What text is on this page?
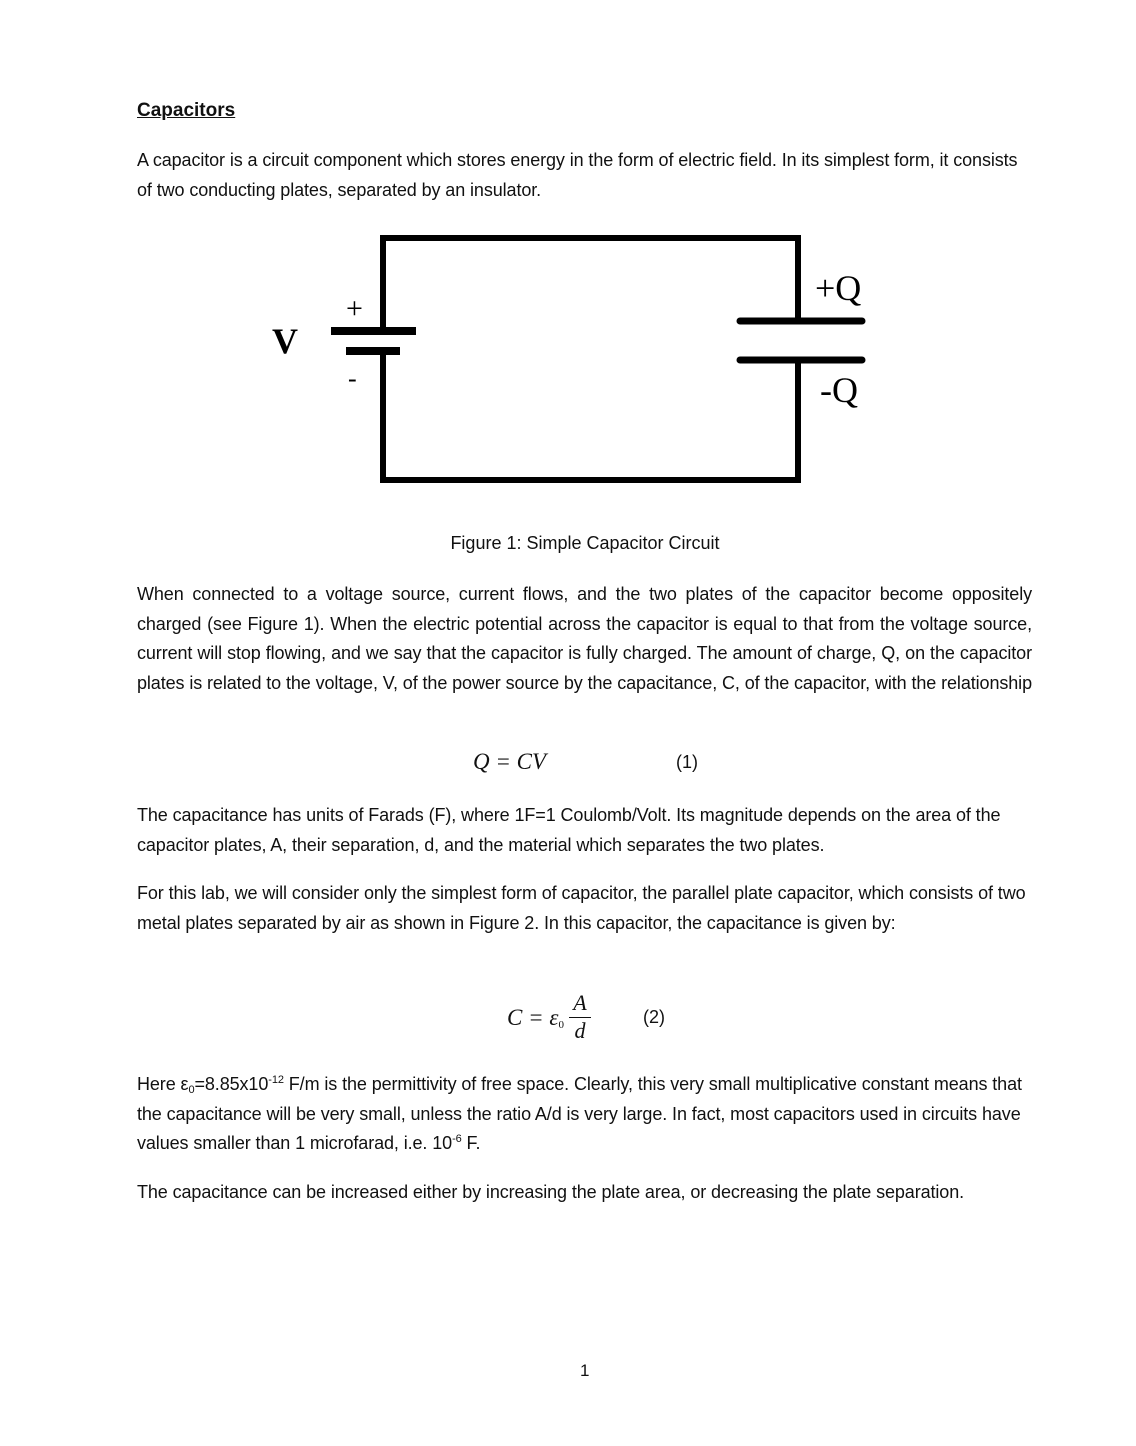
Capacitors

A capacitor is a circuit component which stores energy in the form of electric field. In its simplest form, it consists of two conducting plates, separated by an insulator.

V
+
-
+Q
-Q
Figure 1: Simple Capacitor Circuit

When connected to a voltage source, current flows, and the two plates of the capacitor become oppositely charged (see Figure 1). When the electric potential across the capacitor is equal to that from the voltage source, current will stop flowing, and we say that the capacitor is fully charged. The amount of charge, Q, on the capacitor plates is related to the voltage, V, of the power source by the capacitance, C, of the capacitor, with the relationship

Q = CV	(1)

The capacitance has units of Farads (F), where 1F=1 Coulomb/Volt. Its magnitude depends on the area of the capacitor plates, A, their separation, d, and the material which separates the two plates.

For this lab, we will consider only the simplest form of capacitor, the parallel plate capacitor, which consists of two metal plates separated by air as shown in Figure 2. In this capacitor, the capacitance is given by:

$C = \varepsilon_0$
A
d
(2)

Here $\varepsilon_0=8.85x10^{-12}$ F/m is the permittivity of free space. Clearly, this very small multiplicative constant means that the capacitance will be very small, unless the ratio A/d is very large. In fact, most capacitors used in circuits have values smaller than 1 microfarad, i.e. $10^{-6}$ F.

The capacitance can be increased either by increasing the plate area, or decreasing the plate separation.

1
